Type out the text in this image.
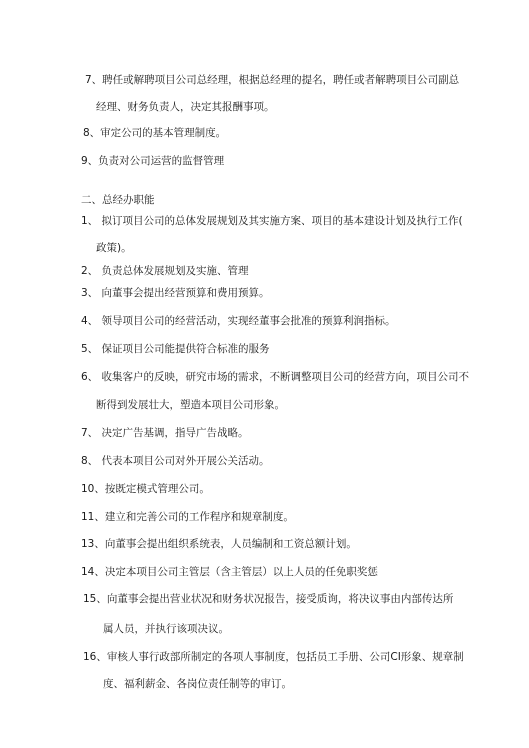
7、聘任或解聘项目公司总经理，根据总经理的提名，聘任或者解聘项目公司副总
经理、财务负责人，决定其报酬事项。
8、审定公司的基本管理制度。
9、负责对公司运营的监督管理
二、总经办职能
1、 拟订项目公司的总体发展规划及其实施方案、项目的基本建设计划及执行工作(
政策)。
2、 负责总体发展规划及实施、管理
3、 向董事会提出经营预算和费用预算。
4、 领导项目公司的经营活动，实现经董事会批准的预算利润指标。
5、 保证项目公司能提供符合标准的服务
6、 收集客户的反映，研究市场的需求，不断调整项目公司的经营方向，项目公司不
断得到发展壮大，塑造本项目公司形象。
7、 决定广告基调，指导广告战略。
8、 代表本项目公司对外开展公关活动。
10、按既定模式管理公司。
11、建立和完善公司的工作程序和规章制度。
13、向董事会提出组织系统表，人员编制和工资总额计划。
14、决定本项目公司主管层（含主管层）以上人员的任免职奖惩
15、向董事会提出营业状况和财务状况报告，接受质询，将决议事由内部传达所
属人员，并执行该项决议。
16、审核人事行政部所制定的各项人事制度，包括员工手册、公司CI形象、规章制
度、福利薪金、各岗位责任制等的审订。
